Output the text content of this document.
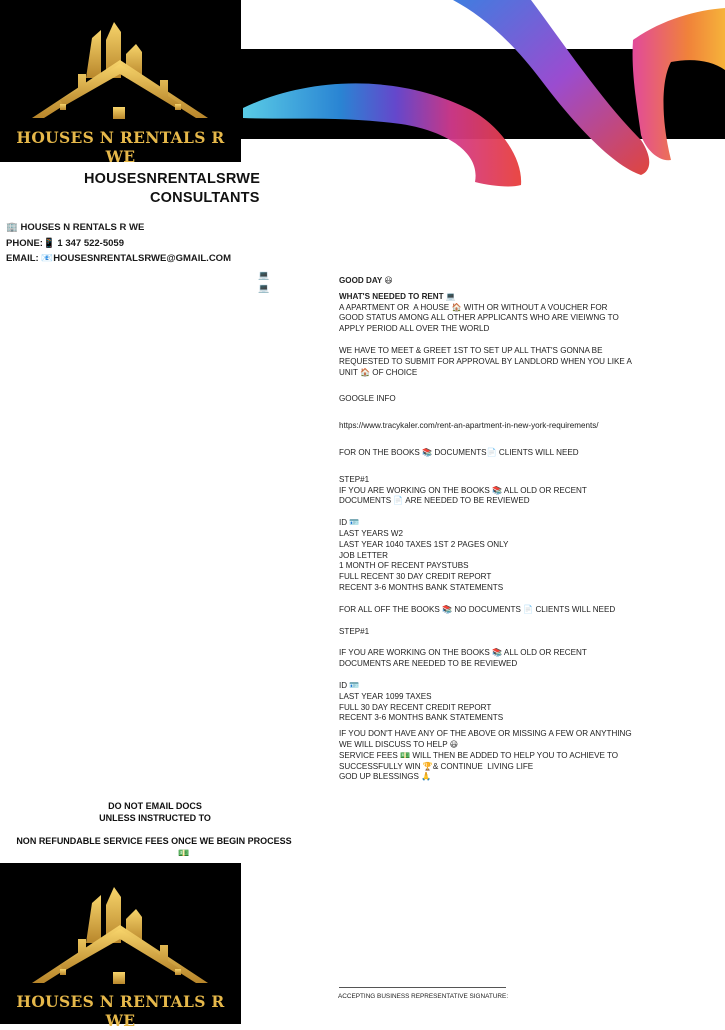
HOUSES N RENTALS R WE
HOUSESNRENTALSRWE
CONSULTANTS
🏢 HOUSES N RENTALS R WE
PHONE:📱 1 347 522-5059
EMAIL: 📧HOUSESNRENTALSRWE@GMAIL.COM
💻
💻
GOOD DAY 😃
WHAT'S NEEDED TO RENT 💻
A APARTMENT OR  A HOUSE 🏠 WITH OR WITHOUT A VOUCHER FOR GOOD STATUS AMONG ALL OTHER APPLICANTS WHO ARE VIEIWNG TO APPLY PERIOD ALL OVER THE WORLD
WE HAVE TO MEET & GREET 1ST TO SET UP ALL THAT'S GONNA BE REQUESTED TO SUBMIT FOR APPROVAL BY LANDLORD WHEN YOU LIKE A UNIT 🏠 OF CHOICE
GOOGLE INFO
https://www.tracykaler.com/rent-an-apartment-in-new-york-requirements/
FOR ON THE BOOKS 📚 DOCUMENTS📄 CLIENTS WILL NEED
STEP#1
IF YOU ARE WORKING ON THE BOOKS 📚 ALL OLD OR RECENT DOCUMENTS 📄 ARE NEEDED TO BE REVIEWED
ID 🪪
LAST YEARS W2
LAST YEAR 1040 TAXES 1ST 2 PAGES ONLY
JOB LETTER
1 MONTH OF RECENT PAYSTUBS
FULL RECENT 30 DAY CREDIT REPORT
RECENT 3-6 MONTHS BANK STATEMENTS
FOR ALL OFF THE BOOKS 📚 NO DOCUMENTS 📄 CLIENTS WILL NEED
STEP#1
IF YOU ARE WORKING ON THE BOOKS 📚 ALL OLD OR RECENT DOCUMENTS ARE NEEDED TO BE REVIEWED
ID 🪪
LAST YEAR 1099 TAXES
FULL 30 DAY RECENT CREDIT REPORT
RECENT 3-6 MONTHS BANK STATEMENTS
IF YOU DON'T HAVE ANY OF THE ABOVE OR MISSING A FEW OR ANYTHING WE WILL DISCUSS TO HELP 😃
SERVICE FEES 💵 WILL THEN BE ADDED TO HELP YOU TO ACHIEVE TO SUCCESSFULLY WIN 🏆& CONTINUE  LIVING LIFE
GOD UP BLESSINGS 🙏
DO NOT EMAIL DOCS
UNLESS INSTRUCTED TO
NON REFUNDABLE SERVICE FEES ONCE WE BEGIN PROCESS
💵
HOUSES N RENTALS R WE
ACCEPTING BUSINESS REPRESENTATIVE SIGNATURE:
